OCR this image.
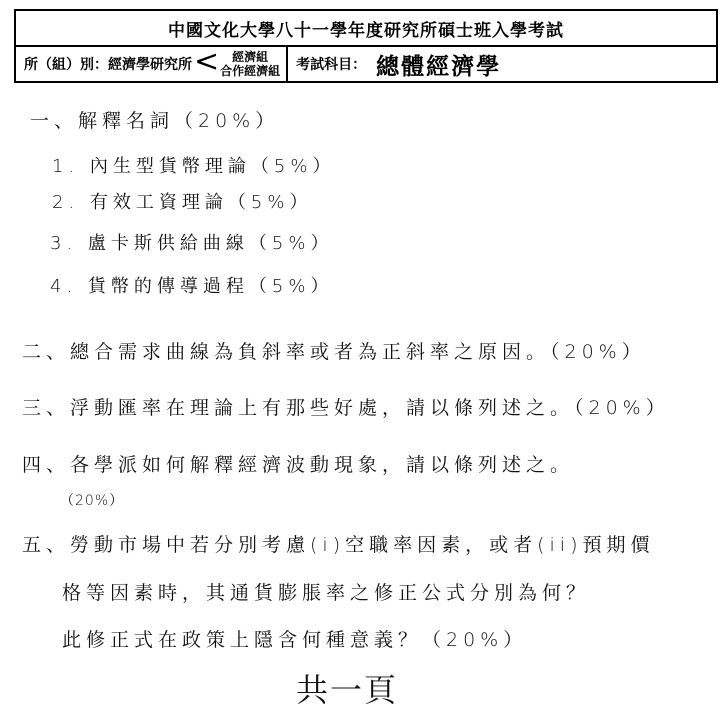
中國文化大學八十一學年度研究所碩士班入學考試
所（組）別：經濟學研究所 <	經濟組
合作經濟組 考試科目： 總體經濟學
一、解釋名詞（20%）
1. 內生型貨幣理論（5%）
2. 有效工資理論（5%）
3. 盧卡斯供給曲線（5%）
4. 貨幣的傳導過程（5%）
二、總合需求曲線為負斜率或者為正斜率之原因。（20%）
三、浮動匯率在理論上有那些好處，請以條列述之。（20%）
四、各學派如何解釋經濟波動現象，請以條列述之。
（20%）
五、勞動市場中若分別考慮(i)空職率因素，或者(ii)預期價
格等因素時，其通貨膨脹率之修正公式分別為何？
此修正式在政策上隱含何種意義？（20%）
共一頁
